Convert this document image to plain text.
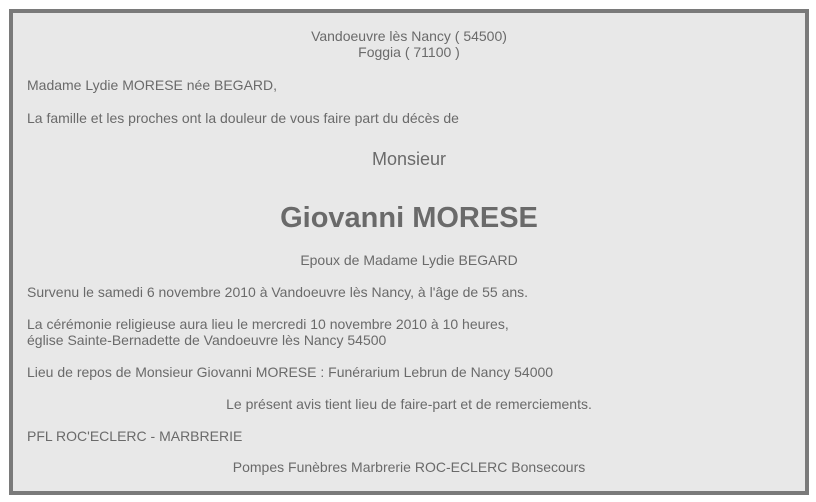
Vandoeuvre lès Nancy ( 54500)
Foggia ( 71100 )
Madame Lydie MORESE née BEGARD,
La famille et les proches ont la douleur de vous faire part du décès de
Monsieur
Giovanni MORESE
Epoux de Madame Lydie BEGARD
Survenu le samedi 6 novembre 2010 à Vandoeuvre lès Nancy, à l'âge de 55 ans.
La cérémonie religieuse aura lieu le mercredi 10 novembre 2010 à 10 heures,
église Sainte-Bernadette de Vandoeuvre lès Nancy 54500
Lieu de repos de Monsieur Giovanni MORESE : Funérarium Lebrun de Nancy 54000
Le présent avis tient lieu de faire-part et de remerciements.
PFL ROC'ECLERC - MARBRERIE
Pompes Funèbres Marbrerie ROC-ECLERC Bonsecours
